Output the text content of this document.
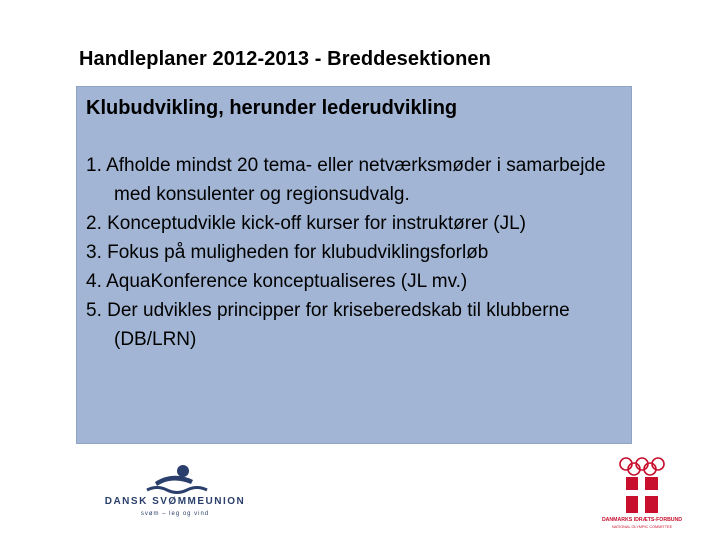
Handleplaner 2012-2013 - Breddesektionen
Klubudvikling, herunder lederudvikling
1. Afholde mindst 20 tema- eller netværksmøder i samarbejde med konsulenter og regionsudvalg.
2. Konceptudvikle kick-off kurser for instruktører (JL)
3. Fokus på muligheden for klubudviklingsforløb
4. AquaKonference konceptualiseres (JL mv.)
5. Der udvikles principper for kriseberedskab til klubberne (DB/LRN)
DANSK SVØMMEUNION
svøm – leg og vind
DANMARKS IDRÆTS-FORBUND
NATIONAL OLYMPIC COMMITTEE
